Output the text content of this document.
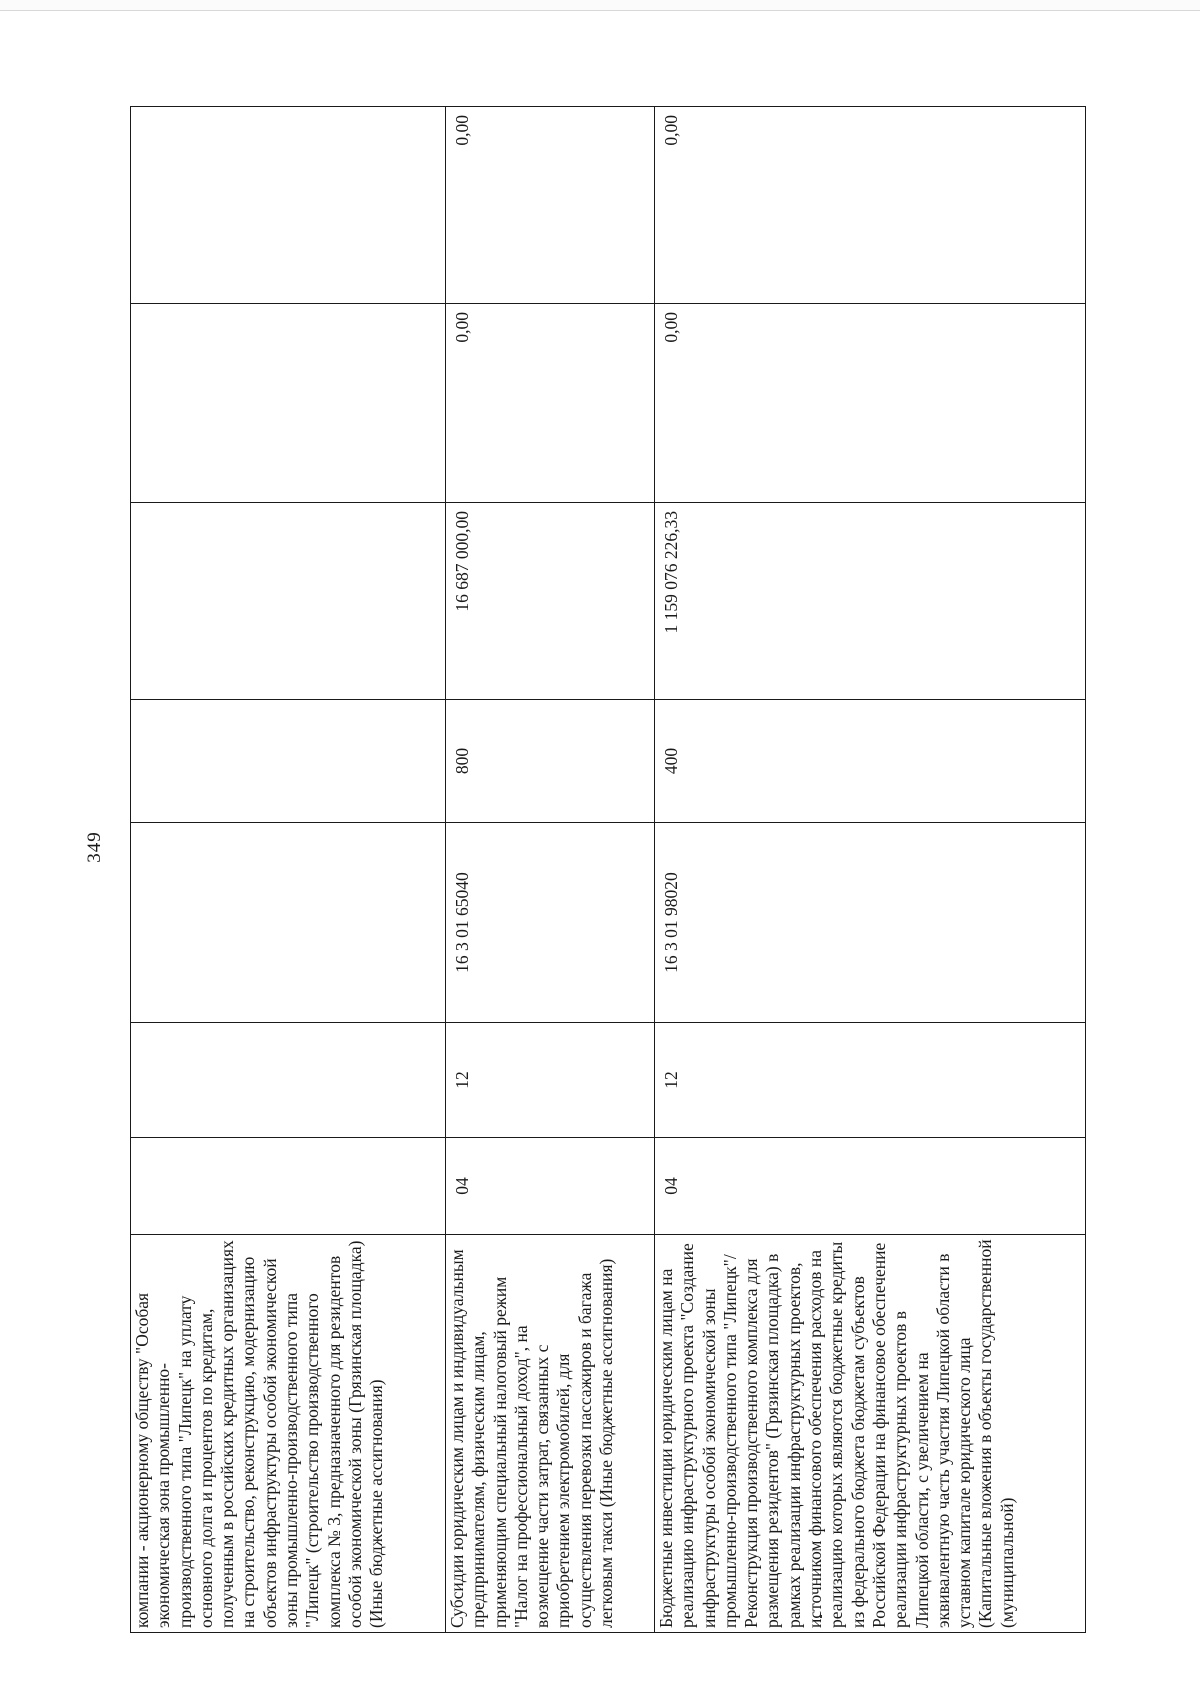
349
компании - акционерному обществу "Особая экономическая зона промышленно-производственного типа "Липецк" на уплату основного долга и процентов по кредитам, полученным в российских кредитных организациях на строительство, реконструкцию, модернизацию объектов инфраструктуры особой экономической зоны промышленно-производственного типа "Липецк" (строительство производственного комплекса № 3, предназначенного для резидентов особой экономической зоны (Грязинская площадка) (Иные бюджетные ассигнования)							
Субсидии юридическим лицам и индивидуальным предпринимателям, физическим лицам, применяющим специальный налоговый режим "Налог на профессиональный доход", на возмещение части затрат, связанных с приобретением электромобилей, для осуществления перевозки пассажиров и багажа легковым такси (Иные бюджетные ассигнования)	04	12	16 3 01 65040	800	16 687 000,00	0,00	0,00
Бюджетные инвестиции юридическим лицам на реализацию инфраструктурного проекта "Создание инфраструктуры особой экономической зоны промышленно-производственного типа "Липецк"/Реконструкция производственного комплекса для размещения резидентов" (Грязинская площадка) в рамках реализации инфраструктурных проектов, источником финансового обеспечения расходов на реализацию которых являются бюджетные кредиты из федерального бюджета бюджетам субъектов Российской Федерации на финансовое обеспечение реализации инфраструктурных проектов в Липецкой области, с увеличением на эквивалентную часть участия Липецкой области в уставном капитале юридического лица (Капитальные вложения в объекты государственной (муниципальной)	04	12	16 3 01 98020	400	1 159 076 226,33	0,00	0,00
